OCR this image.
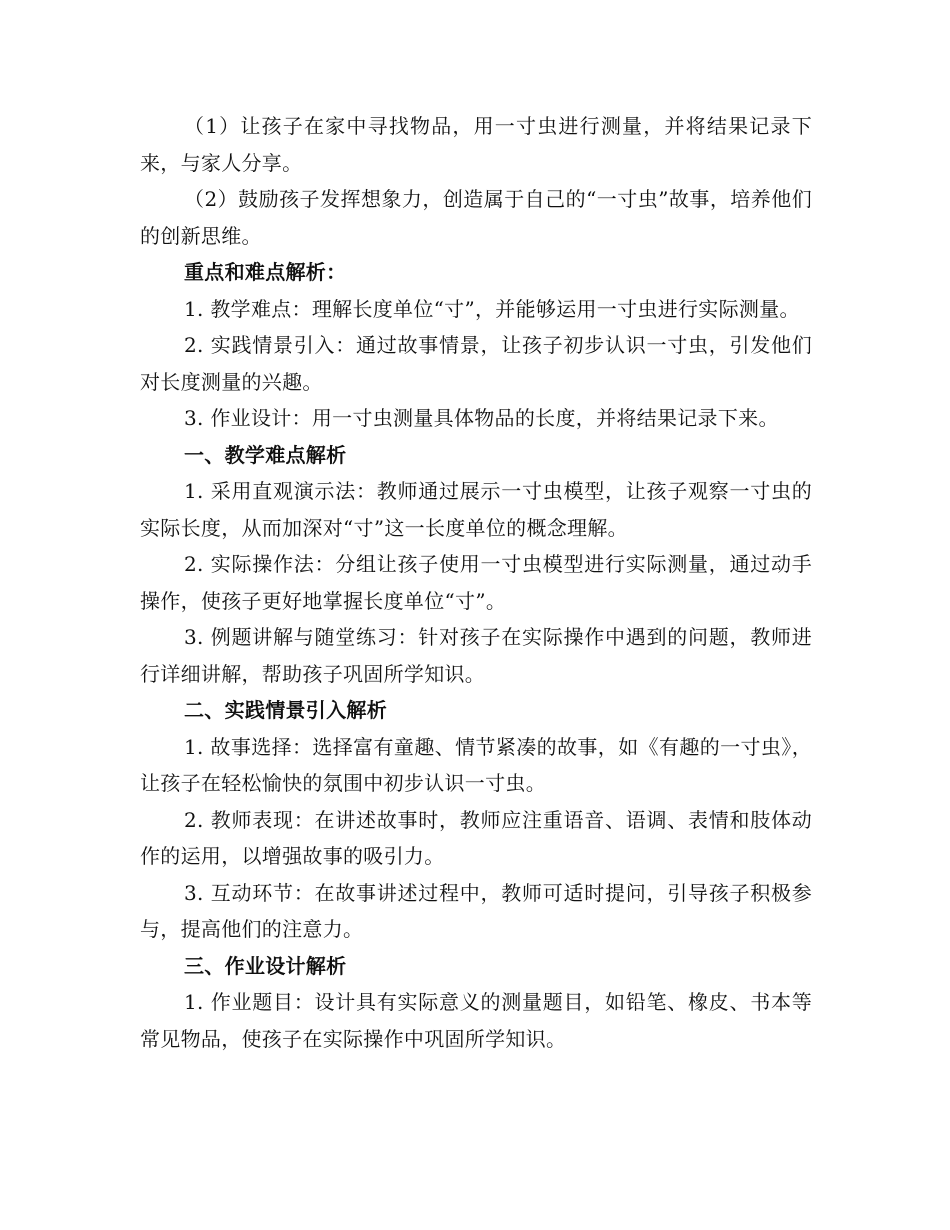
（1）让孩子在家中寻找物品，用一寸虫进行测量，并将结果记录下来，与家人分享。

（2）鼓励孩子发挥想象力，创造属于自己的“一寸虫”故事，培养他们的创新思维。

重点和难点解析：

1. 教学难点：理解长度单位“寸”，并能够运用一寸虫进行实际测量。

2. 实践情景引入：通过故事情景，让孩子初步认识一寸虫，引发他们对长度测量的兴趣。

3. 作业设计：用一寸虫测量具体物品的长度，并将结果记录下来。

一、教学难点解析

1. 采用直观演示法：教师通过展示一寸虫模型，让孩子观察一寸虫的实际长度，从而加深对“寸”这一长度单位的概念理解。

2. 实际操作法：分组让孩子使用一寸虫模型进行实际测量，通过动手操作，使孩子更好地掌握长度单位“寸”。

3. 例题讲解与随堂练习：针对孩子在实际操作中遇到的问题，教师进行详细讲解，帮助孩子巩固所学知识。

二、实践情景引入解析

1. 故事选择：选择富有童趣、情节紧凑的故事，如《有趣的一寸虫》，让孩子在轻松愉快的氛围中初步认识一寸虫。

2. 教师表现：在讲述故事时，教师应注重语音、语调、表情和肢体动作的运用，以增强故事的吸引力。

3. 互动环节：在故事讲述过程中，教师可适时提问，引导孩子积极参与，提高他们的注意力。

三、作业设计解析

1. 作业题目：设计具有实际意义的测量题目，如铅笔、橡皮、书本等常见物品，使孩子在实际操作中巩固所学知识。
